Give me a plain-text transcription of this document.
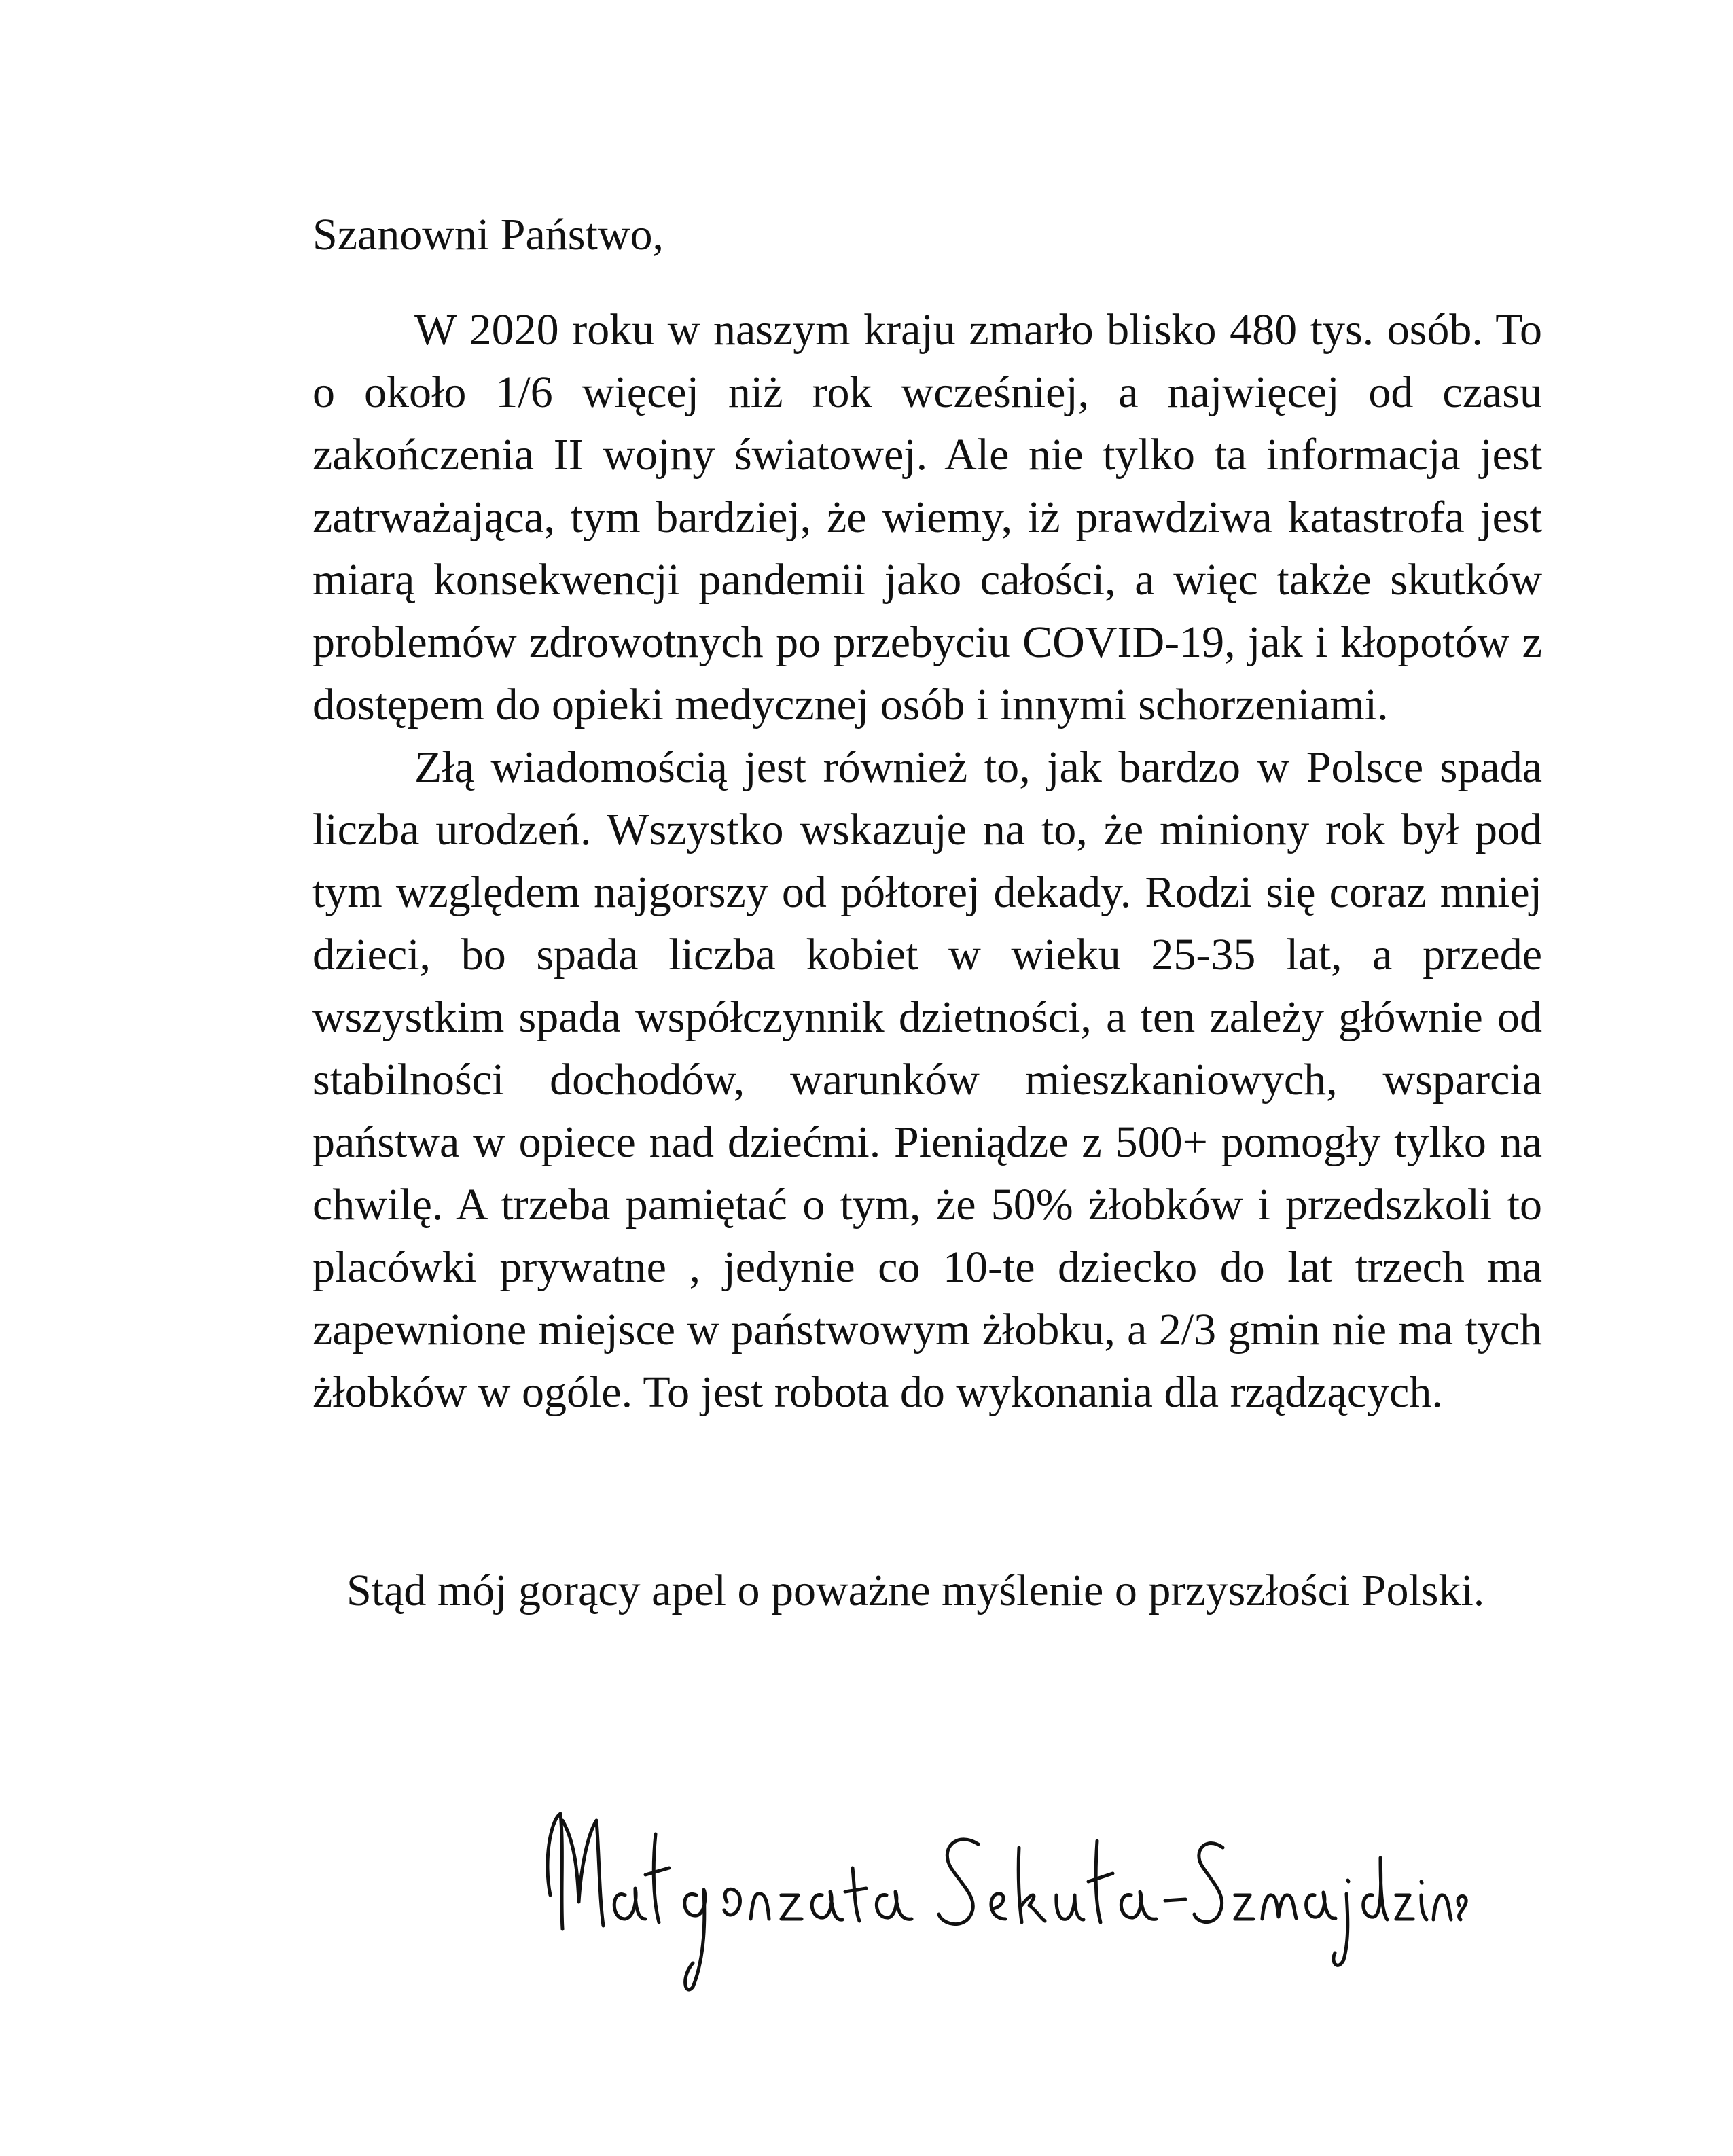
Szanowni Państwo,

W 2020 roku w naszym kraju zmarło blisko 480 tys. osób. To o około 1/6 więcej niż rok wcześniej, a najwięcej od czasu zakończenia II wojny światowej. Ale nie tylko ta informacja jest zatrważająca, tym bardziej, że wiemy, iż prawdziwa katastrofa jest miarą konsekwencji pandemii jako całości, a więc także skutków problemów zdrowotnych po przebyciu COVID-19, jak i kłopotów z dostępem do opieki medycznej osób i innymi schorzeniami.

Złą wiadomością jest również to, jak bardzo w Polsce spada liczba urodzeń. Wszystko wskazuje na to, że miniony rok był pod tym względem najgorszy od półtorej dekady. Rodzi się coraz mniej dzieci, bo spada liczba kobiet w wieku 25-35 lat, a przede wszystkim spada współczynnik dzietności, a ten zależy głównie od stabilności dochodów, warunków mieszkaniowych, wsparcia państwa w opiece nad dziećmi. Pieniądze z 500+ pomogły tylko na chwilę. A trzeba pamiętać o tym, że 50% żłobków i przedszkoli to placówki prywatne , jedynie co 10-te dziecko do lat trzech ma zapewnione miejsce w państwowym żłobku, a 2/3 gmin nie ma tych żłobków w ogóle. To jest robota do wykonania dla rządzących.

Stąd mój gorący apel o poważne myślenie o przyszłości Polski.
